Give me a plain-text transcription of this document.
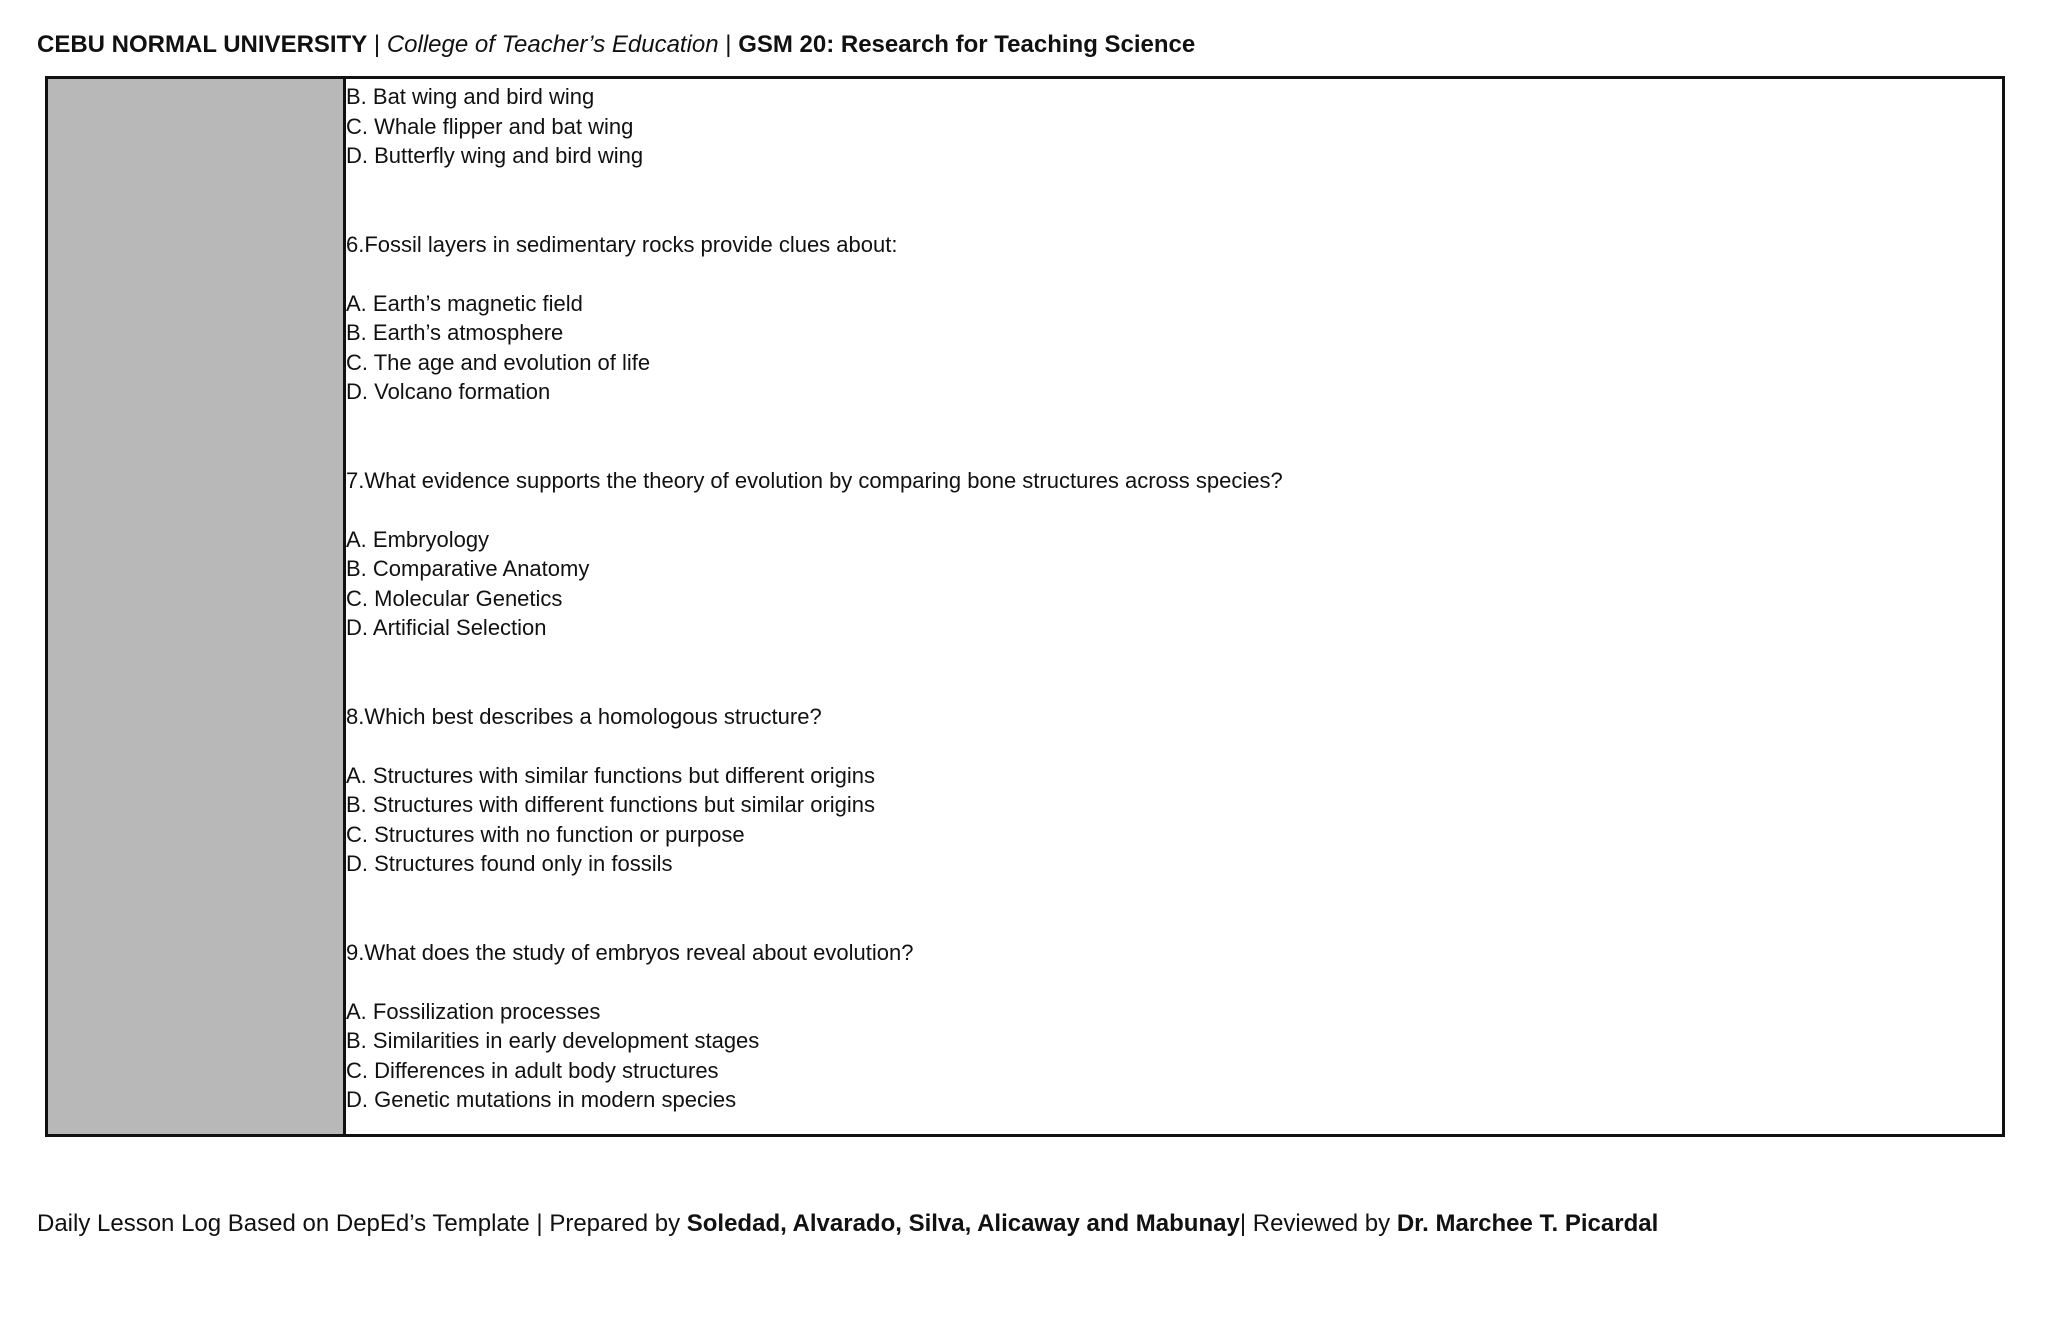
CEBU NORMAL UNIVERSITY | College of Teacher’s Education | GSM 20: Research for Teaching Science
B. Bat wing and bird wing
C. Whale flipper and bat wing
D. Butterfly wing and bird wing
6.Fossil layers in sedimentary rocks provide clues about:
A. Earth’s magnetic field
B. Earth’s atmosphere
C. The age and evolution of life
D. Volcano formation
7.What evidence supports the theory of evolution by comparing bone structures across species?
A. Embryology
B. Comparative Anatomy
C. Molecular Genetics
D. Artificial Selection
8.Which best describes a homologous structure?
A. Structures with similar functions but different origins
B. Structures with different functions but similar origins
C. Structures with no function or purpose
D. Structures found only in fossils
9.What does the study of embryos reveal about evolution?
A. Fossilization processes
B. Similarities in early development stages
C. Differences in adult body structures
D. Genetic mutations in modern species
Daily Lesson Log Based on DepEd’s Template | Prepared by Soledad, Alvarado, Silva, Alicaway and Mabunay| Reviewed by Dr. Marchee T. Picardal
